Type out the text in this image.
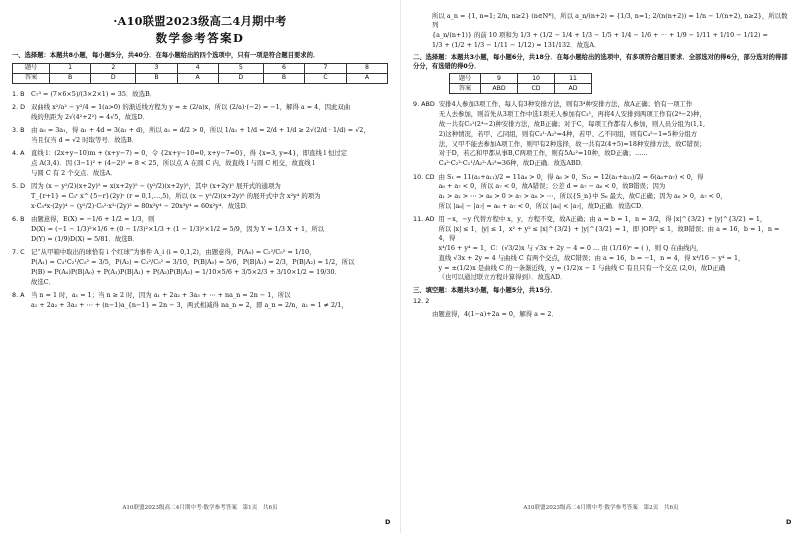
·A10联盟2023级高二4月期中考
数学参考答案D
一、选择题：本题共8小题，每小题5分，共40分．在每小题给出的四个选项中，只有一项是符合题目要求的．
题号	1	2	3	4	5	6	7	8
答案	B	D	B	A	D	B	C	A
1. B	C₇³ = (7×6×5)/(3×2×1) = 35．故选B．
2. D 双曲线 x²/a² − y²/4 = 1(a>0) 的渐近线方程为 y = ± (2/a)x，所以 (2/a)·(−2) = −1，解得 a = 4，因此双曲
线的焦距为 2√(4²+2²) = 4√5，故选D．
3. B	由 a₅ = 3a₁，得 a₁ + 4d = 3(a₁ + d)，所以 a₁ = d/2 > 0，所以 1/a₁ + 1/d = 2/d + 1/d ≥ 2√(2/d · 1/d) = √2，
当且仅当 d = √2 时取等号．故选B．
4. A	直线 l：(2x+y−10)m + (x+y−7) = 0，令 {2x+y−10=0, x+y−7=0}，得 {x=3, y=4}，即直线 l 恒过定
点 A(3,4)．因 (3−1)² + (4−2)² = 8 < 25，所以点 A 在圆 C 内，故直线 l 与圆 C 相交，故直线 l
与圆 C 有 2 个交点．故选A．
5. D 因为 (x − y²/2)(x+2y)⁵ = x(x+2y)⁵ − (y²/2)(x+2y)⁵，其中 (x+2y)⁵ 展开式的通项为
T_{r+1} = C₅ʳ x^{5−r}(2y)ʳ (r = 0,1,…,5)，所以 (x − y²/2)(x+2y)⁵ 的展开式中含 x²y⁴ 的项为
x·C₅⁴x·(2y)⁴ − (y²/2)·C₅²·x³·(2y)² = 80x²y⁴ − 20x³y⁴ = 60x²y⁴．故选D．
6. B	由题意得，E(X) = −1/6 + 1/2 = 1/3，则
D(X) = (−1 − 1/3)²×1/6 + (0 − 1/3)²×1/3 + (1 − 1/3)²×1/2 = 5/9，因为 Y = 1/3 X + 1，所以
D(Y) = (1/9)D(X) = 5/81．故选B．
7. C	记“从甲箱中取出的球恰有 i 个红球”为事件 A_i (i = 0,1,2)，由题意得，P(A₀) = C₂²/C₅² = 1/10，
P(A₁) = C₃¹C₂¹/C₅² = 3/5，P(A₂) = C₃²/C₅² = 3/10，P(B|A₀) = 5/6，P(B|A₁) = 2/3，P(B|A₂) = 1/2，所以
P(B) = P(A₀)P(B|A₀) + P(A₁)P(B|A₁) + P(A₂)P(B|A₂) = 1/10×5/6 + 3/5×2/3 + 3/10×1/2 = 19/30．
故选C．
8. A	当 n = 1 时，a₁ = 1；当 n ≥ 2 时，因为 a₁ + 2a₂ + 3a₃ + ⋯ + na_n = 2n − 1，所以
a₁ + 2a₂ + 3a₃ + ⋯ + (n−1)a_{n−1} = 2n − 3，两式相减得 na_n = 2，即 a_n = 2/n，a₁ = 1 ≠ 2/1，
A10联盟2023级高二4月期中考·数学参考答案　第1页　共6页
D
所以 a_n = {1, n=1; 2/n, n≥2} (n∈N*)，所以 a_n/(n+2) = {1/3, n=1; 2/(n(n+2)) = 1/n − 1/(n+2), n≥2}，所以数列
{a_n/(n+1)} 的前 10 项和为 1/3 + (1/2 − 1/4 + 1/3 − 1/5 + 1/4 − 1/6 + ⋯ + 1/9 − 1/11 + 1/10 − 1/12) =
1/3 + (1/2 + 1/3 − 1/11 − 1/12) = 131/132．故选A．
二、选择题：本题共3小题，每小题6分，共18分．在每小题给出的选项中，有多项符合题目要求．全部选对的得6分，部分选对的得部分分，有选错的得0分．
题号	9	10	11
答案	ABD	CD	AD
9. ABD 安排4人参加3项工作，每人有3种安排方法，则有3⁴种安排方法，故A正确；恰有一项工作
无人去参加，则首先从3项工作中选1项无人参加有C₃¹，再将4人安排到两项工作有(2⁴−2)种，
故一共有C₃¹(2⁴−2)种安排方法，故B正确；对于C，每项工作都有人参加，则人员分组为(1,1,
2)这种情况，若甲、乙同组，则有C₃¹·A₂²=4种，若甲、乙不同组，则有C₄²−1=5种分组方
法，又甲不能去参加A项工作，则甲有2种选择，故一共有2(4+5)=18种安排方法，故C错误；
对于D，若乙和甲都从事B,C两项工作，则有5A₂²=10种，故D正确；……
C₄²·C₂²·C₁¹/A₂²·A₃³=36种，故D正确．故选ABD．
10. CD 由 S₁ = 11(a₁+a₁₁)/2 = 11a₆ > 0，得 a₆ > 0，S₁₂ = 12(a₁+a₁₂)/2 = 6(a₆+a₇) < 0，得
a₆ + a₇ < 0，所以 a₇ < 0，故A错误；公差 d = a₇ − a₆ < 0，故B错误；因为
a₁ > a₂ > ⋯ > a₆ > 0 > a₇ > a₈ > ⋯，所以{S_n}中 S₆ 最大，故C正确；因为 a₆ > 0，a₇ < 0，
所以 |a₆| − |a₇| = a₆ + a₇ < 0，所以 |a₆| < |a₇|，故D正确．故选CD．
11. AD 用 −x，−y 代替方程中 x，y，方程不变，故A正确；由 a = b = 1，n = 3/2，得 |x|^{3/2} + |y|^{3/2} = 1，
所以 |x| ≤ 1，|y| ≤ 1，x² + y² ≤ |x|^{3/2} + |y|^{3/2} = 1，即 |OP|² ≤ 1，故B错误；由 a = 16，b = 1，n = 4，得
x⁴/16 + y⁴ = 1，C：(√3/2)x 与 √3x + 2y − 4 = 0 … 由 (1/16)ⁿ = ( )，则 Q 在曲线内，
直线 √3x + 2y = 4 与曲线 C 有两个交点，故C错误；由 a = 16，b = −1，n = 4，得 x⁴/16 − y⁴ = 1，
y = ±(1/2)x 是曲线 C 的一条渐近线，y = (1/2)x − 1 与曲线 C 有且只有一个交点 (2,0)，故D正确
（也可以通过联立方程计算得到）．故选AD．
三、填空题：本题共3小题，每小题5分，共15分．
12. 2
由题意得，4(1−a)+2a = 0，解得 a = 2．
A10联盟2023级高二4月期中考·数学参考答案　第2页　共6页
D
